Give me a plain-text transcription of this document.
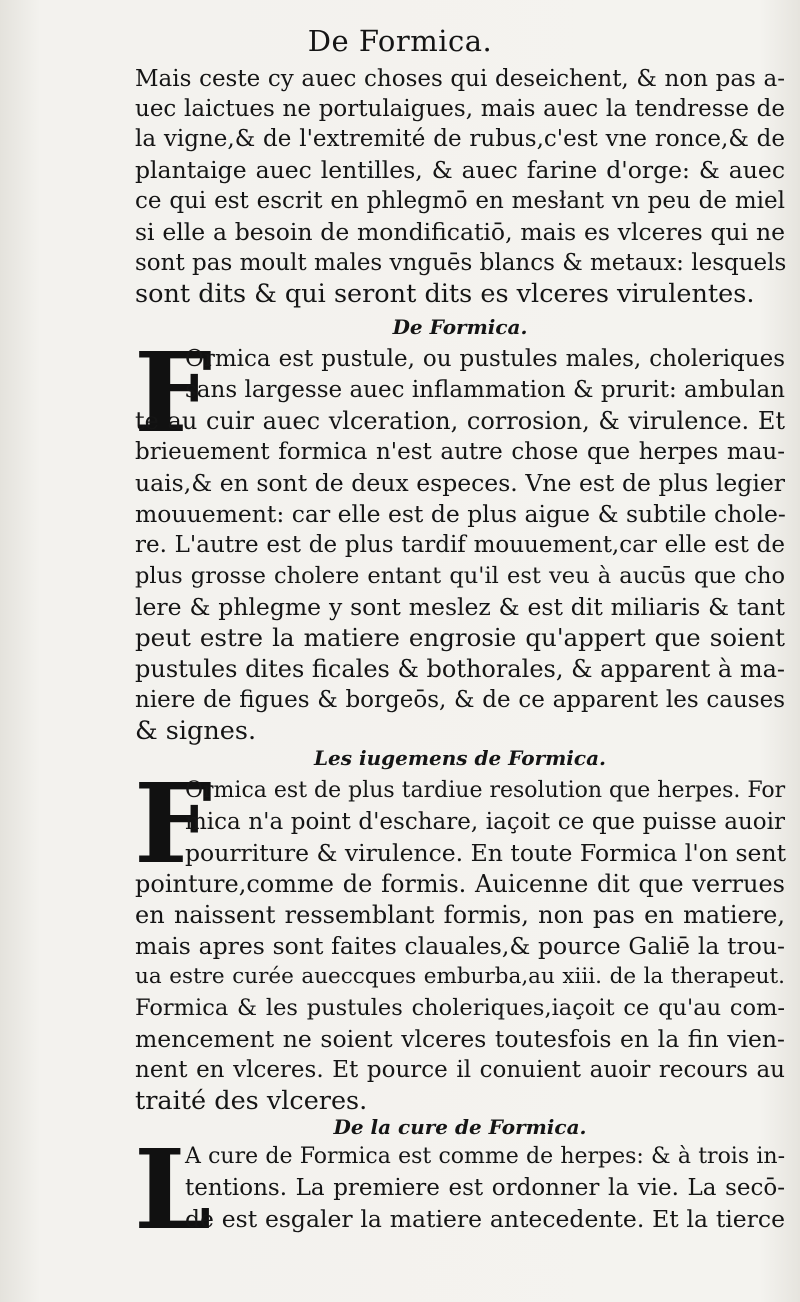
De Formica.
Mais ceste cy auec choses qui deseichent, & non pas a-
uec laictues ne portulaigues, mais auec la tendresse de
la vigne,& de l'extremité de rubus,c'est vne ronce,& de
plantaige auec lentilles, & auec farine d'orge: & auec
ce qui est escrit en phlegmō en mesłant vn peu de miel
si elle a besoin de mondificatiō, mais es vlceres qui ne
sont pas moult males vnguēs blancs & metaux: lesquels
sont dits & qui seront dits es vlceres virulentes.
De Formica.
F
Ormica est pustule, ou pustules males, choleriques
sans largesse auec inflammation & prurit: ambulan
te au cuir auec vlceration, corrosion, & virulence. Et
brieuement formica n'est autre chose que herpes mau-
uais,& en sont de deux especes. Vne est de plus legier
mouuement: car elle est de plus aigue & subtile chole-
re. L'autre est de plus tardif mouuement,car elle est de
plus grosse cholere entant qu'il est veu à aucūs que cho
lere & phlegme y sont meslez & est dit miliaris & tant
peut estre la matiere engrosie qu'appert que soient
pustules dites ficales & bothorales, & apparent à ma-
niere de figues & borgeōs, & de ce apparent les causes
& signes.
Les iugemens de Formica.
F
Ormica est de plus tardiue resolution que herpes. For
mica n'a point d'eschare, iaçoit ce que puisse auoir
pourriture & virulence. En toute Formica l'on sent
pointure,comme de formis. Auicenne dit que verrues
en naissent ressemblant formis, non pas en matiere,
mais apres sont faites clauales,& pource Galiē la trou-
ua estre curée aueccques emburba,au xiii. de la therapeut.
Formica & les pustules choleriques,iaçoit ce qu'au com-
mencement ne soient vlceres toutesfois en la fin vien-
nent en vlceres. Et pource il conuient auoir recours au
traité des vlceres.
De la cure de Formica.
L
A cure de Formica est comme de herpes: & à trois in-
tentions. La premiere est ordonner la vie. La secō-
de est esgaler la matiere antecedente. Et la tierce
